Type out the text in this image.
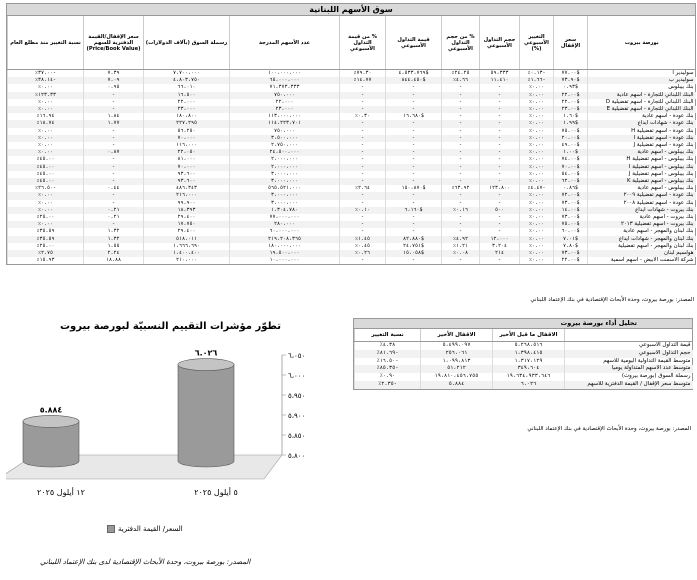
سوق الأسهم اللبنانية
بورصة بيروت	سعر الإقفال	التغيير الأسبوعي (%)	حجم التداول الأسبوعي	% من حجم التداول الأسبوعي	قيمة التداول الأسبوعي	% من قيمة التداول الأسبوعي	عدد الأسهم المدرجة	رسملة السوق (بآلاف الدولارات)	سعر الإقفال/القيمة الدفترية للسهم (Price/Book Value)	نسبة التغيير منذ مطلع العام
سوليدير أ	$٧٧.٠٠	-٠.١٣٪	٥٩،٣٣٣	٢٤.٢٥٪	$٤،٥٣٣،٧٦٩	٧٩.٣٠٪	١٠٠،٠٠٠،٠٠٠	٧،٧٠٠،٠٠٠	٧.٣٩	-٣٧.٠٠٪
سوليدير ب	$٧٣.٩٠	-١.٦٦٪	١١،٤١٠	٤.٦٦٪	$٨٤٤،٤٥٠	١٤.٧٧٪	٦٥،٠٠٠،٠٠٠	٤،٨٠٣،٧٥٠	٧.٠٩	-٣٨.١٤٪
بنك بيبلوس	$٠.٩٣	٠.٠٠٪	-	-	-	-	٧١،٣٧٣،٣٣٣	٦٦،٠١٠	٠.٩٥	٠.٠٠٪
البنك اللبناني للتجارة - أسهم عادية	$٢٢.٠٠	٠.٠٠٪	-	-	-	-	٧٥٠،٠٠٠	١٦،٥٠٠	-	١٢٣.٣٣٪
البنك اللبناني للتجارة - أسهم تفضيلية D	$٢٢.٠٠	٠.٠٠٪	-	-	-	-	٢٢،٠٠٠	٢٢،٠٠٠	-	٠.٠٠٪
البنك اللبناني للتجارة - أسهم تفضيلية E	$٢٣.٠٠	٠.٠٠٪	-	-	-	-	٢٣،٠٠٠	٢٣،٠٠٠	-	٠.٠٠٪
بنك عودة - أسهم عادية	$١.٦٠	٠.٠٠٪	-	-	$١٦،٦٨٠	٠.٣٠٪	١١٣،٠٠٠،٠٠٠	١٨٠،٨٠٠	١.٨٤	١٦.٩٤٪
بنك عودة - شهادات ايداع	$١.٩٩	٠.٠٠٪	-	-	-	-	١١٤،٢٢٣،٧٠١	٢٢٧،٢٩٥	١.٧٧	١٨.٧٤٪
بنك عودة - أسهم تفضيلية H	$٧٥.٠٠	٠.٠٠٪	-	-	-	-	٧٥٠،٠٠٠	٥٦،٢٥٠	-	٠.٠٠٪
بنك عودة - أسهم تفضيلية I	$٢٠.٠٠	٠.٠٠٪	-	-	-	-	٣،٥٠٠،٠٠٠	٧٠،٠٠٠	-	٠.٠٠٪
بنك عودة - أسهم تفضيلية J	$٤٩.٠٠	٠.٠٠٪	-	-	-	-	٢،٧٥٠،٠٠٠	١١٦،٠٠٠	-	٠.٠٠٪
بنك بيبلوس - أسهم عادية	$١.٠٠	٠.٠٠٪	-	-	-	-	٢٤،٥٠٠،٠٠٠	٢٢،٠٥٠	٠.٨٧	٠.٠٠٪
بنك بيبلوس - أسهم تفضيلية H	$٧٤.٠٠	٠.٠٠٪	-	-	-	-	٢،٠٠٠،٠٠٠	٨١،٠٠٠	-	٤٥.٠٠٪
بنك بيبلوس - أسهم تفضيلية I	$٧٠.٠٠	٠.٠٠٪	-	-	-	-	٢،٠٠٠،٠٠٠	٧٠،٠٠٠	-	٤٥.٠٠٪
بنك بيبلوس - أسهم تفضيلية J	$٥٤.٠٠	٠.٠٠٪	-	-	-	-	٣،٠٠٠،٠٠٠	٩٣،٦٠٠	-	٤٥.٠٠٪
بنك بيبلوس - أسهم تفضيلية K	$٦٢.٠٠	٠.٠٠٪	-	-	-	-	٣،٠٠٠،٠٠٠	٩٣،٦٠٠	-	٤٥.٠٠٪
بنك بيبلوس - أسهم عادية	$٠.٨٦	-٤.٤٧٪	١٢٣،٨٠٠	٦٣.٩٢٪	$١٥٠،٨٧٠	٢.٦٤٪	٥٦٥،٥٢١،٠٠٠	٤٨٦،٣٤٣	٠.٤٤	-٢٦.٥٠٪
بنك عودة - أسهم تفضيلية ٢٠٠٩	$٧٢.٠٠	٠.٠٠٪	-	-	-	-	٣،٠٠٠،٠٠٠	٢١٦،٠٠٠	-	٠.٠٠٪
بنك عودة - أسهم تفضيلية ٢٠٠٨	$٧٣.٠٠	٠.٠٠٪	-	-	-	-	٣،٠٠٠،٠٠٠	٩٩،٩٠٠	-	٠.٠٠٪
بنك بيروت - شهادات ايداع	$١٤.٠٠	٠.٠٠٪	٥٠٠	٠.١٦٪	$٦،١٦٠	٠.١٠٪	١،٣٠٤،٧٨٠	١٨،٣٩٣	٠.٢١	٠.٠٠٪
بنك بيروت - أسهم عادية	$٧٣.٠٠	٠.٠٠٪	-	-	-	-	٧٧،٠٠٠،٠٠٠	٢٩،٤٠٠	٠.٢١	٢٥.٠٠٪
بنك بيروت - أسهم تفضيلية ٢٠١٣	$٧٥.٠٠	٠.٠٠٪	-	-	-	-	٢٨٠،٠٠٠	١٧،٧٥٠	-	٠.٠٠٪
بنك لبنان والمهجر - أسهم عادية	$٦٠.٠٠	٠.٠٠٪	-	-	-	-	٦٠،٠٠٠،٠٠٠	٢٩،٤٠٠	١.٣٢	٣٥.٥٩٪
بنك لبنان والمهجر - شهادات ايداع	$٧.٠١	٠.٠٠٪	١٢،٠٠٠	٤.٩٢٪	$٨٢،٨٨٠	١.٤٥٪	٢١٩،٢٠٨،٣٦٥	٥١٨،٠١١	١.٣٢	٣٥.٥٩٪
بنك لبنان والمهجر - أسهم تفضيلية	$٧.٨٠	٠.٠٠٪	٣،٢٠٤	١.٢١٪	$٢٤،٧٥١	٠.٤٥٪	١٨٠،٠٠٠،٠٠٠	١،٦٦٦،٦٩٠	١.٥٥	٢٥.٠٠٪
هولسيم لبنان	$٧٣.٠٠	٠.٠٠٪	٢١٤	٠.٠٨٪	$١٥،٠٥٨	٠.٢٦٪	١٩،٥٠٠،٠٠٠	١،٤٠٠،٤٠٠	٢.٢٤	٢.٧٥٪
شركة الاسمنت الأبيض - أسهم اسمية	$٢٢.٠٠	٠.٠٠٪	-	-	-	-	١٠،٠٠٠،٠٠٠	٢١٠،٠٠٠	١٨.٨٨	١٥.٩٣٪
المصدر: بورصة بيروت، وحدة الأبحاث الإقتصادية في بنك الإعتماد اللبناني
تطوّر مؤشرات التقييم النسبيّة لبورصة بيروت
٥،٨٠٠
٥،٨٥٠
٥،٩٠٠
٥،٩٥٠
٦،٠٠٠
٦،٠٥٠
٥.٨٨٤
١٢ أيلول ٢٠٢٥
٦.٠٢٦
٥ أيلول ٢٠٢٥
السعر/ القيمة الدفترية
المصدر: بورصة بيروت، وحدة الأبحاث الإقتصادية لدى بنك الإعتماد اللبناني
تحليل أداء بورصة بيروت
	الاقفال ما قبل الأخير	الاقفال الأخير	نسبة التغيير
قيمة التداول الأسبوعي	٥،٢٦٨،٥١٦	٥،٤٩٩،٠٩٧	٤.٣٨٪
حجم التداول الأسبوعي	١،٣٩٨،٤١٥	٢٥٦،٠٦١	-٨١.٦٩٪
متوسط القيمة التداولية اليومية للأسهم	١،٣١٧،١٢٩	١،٠٩٩،٨١٣	-١٦.٥٠٪
متوسط عدد الأسهم المتداولة يومياً	٣٤٩،٦٠٤	٥١،٢١٢	-٨٥.٣٥٪
رسملة السوق (بورصة بيروت)	١٩،٦٣٤،٩٣٣،٦٤٦	١٩،٨١٠،٤٥٦،٧٥٥	٠.٩٠٪
متوسط سعر الإقفال / القيمة الدفترية للأسهم	٦.٠٢٦	٥.٨٨٤	-٢.٣٥٪
المصدر: بورصة بيروت، وحدة الأبحاث الإقتصادية في بنك الإعتماد اللبناني
